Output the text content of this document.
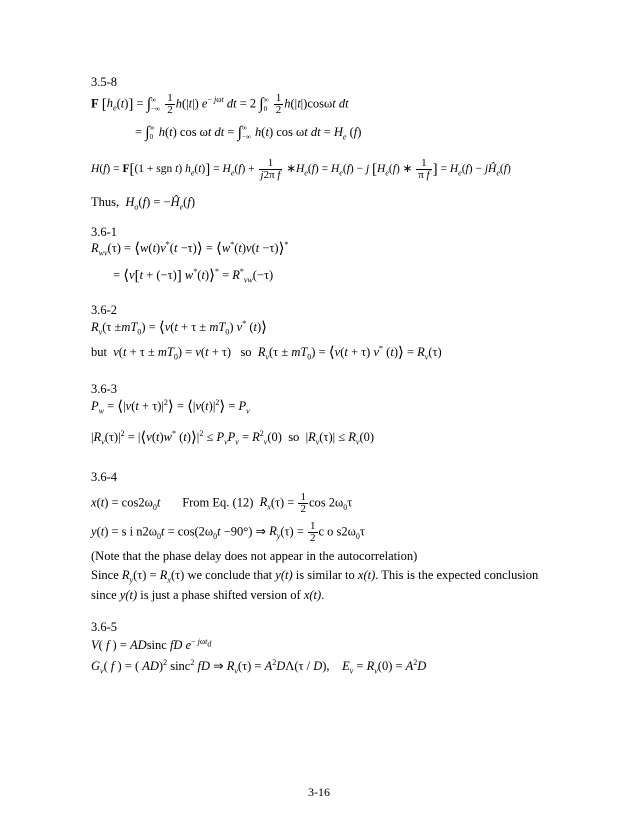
3.5-8
F $[h_e(t)]$ = ∫∞
−∞ $\frac{1}{2} h(|t|)$ $e^{- j\omega t}$ dt = 2 ∫∞
$0 \frac{1}{2} h(|t|)\cos\omega t$ dt
= ∫∞
0 h(t) cos ωt dt = ∫∞
−∞ h(t) cos ωt dt = $H_e$ (f)
H(f) = F[(1 + sgn t) $h_e(t)] = H_e(f) + \frac{1}{\text{j2π f}}$ $∗H_e(f) = H_e(f) - j$ [$H_e(f)$ ∗ $\frac{1}{\text{π f}}$ ] = $H_e(f)$ − $jĤ_e(f)$
Thus, $H_o(f)$ = $-Ĥ_e(f)$
3.6-1
$R_{wv}(\tau)$ = ⟨w(t)v*(t −τ)⟩ = ⟨w*(t)v(t −τ)⟩*
= ⟨v[t + (−τ)] w*(t)⟩* = $R^*_{vw}(-\tau)$
3.6-2
$R_v(\tau \pm mT_0)$ = ⟨v(t + $\tau \pm mT_0$) v* (t)⟩
but $v(t + \tau \pm mT_0) = v(t + \tau)$   so $R_v(\tau \pm mT_0)$ = ⟨v(t + τ) v* (t)⟩ = $R_v(\tau)$
3.6-3
$P_w$ = ⟨|v(t + $\tau)|^2⟩$ = $⟨|v(t)|^2⟩ = P_v$
$|R_v(\tau)|^2$ = |⟨v(t)w* $(t)⟩|^2 \le P_vP_v = R^2_v(0)$  so  $|R_v(\tau)| \le R_v(0)$
3.6-4
$x(t) = \cos 2\omega_0t$ From Eq. (12) $R_x(\tau) = \frac{1}{2}$ $\cos 2\omega_0\tau$
y(t) = s i $n2\omega_0t = \cos(2\omega_0t -90^\circ)$ ⇒ $R_y(\tau) = \frac{1}{2}$ c o $s2\omega_0\tau$
(Note that the phase delay does not appear in the autocorrelation)
Since $R_y(\tau) = R_x(\tau)$ we conclude that y(t) is similar to x(t). This is the expected conclusion
since y(t) is just a phase shifted version of x(t).
3.6-5
V( f ) = ADsinc fD $e^{- j\omega t_d}$
$G_v$( f ) = ( AD)$^2$ sinc$^2$ fD ⇒ $R_v(\tau) = A^2D\Lambda(\tau / D)$,    $E_v = R_v(0) = A^2D$
3-16
